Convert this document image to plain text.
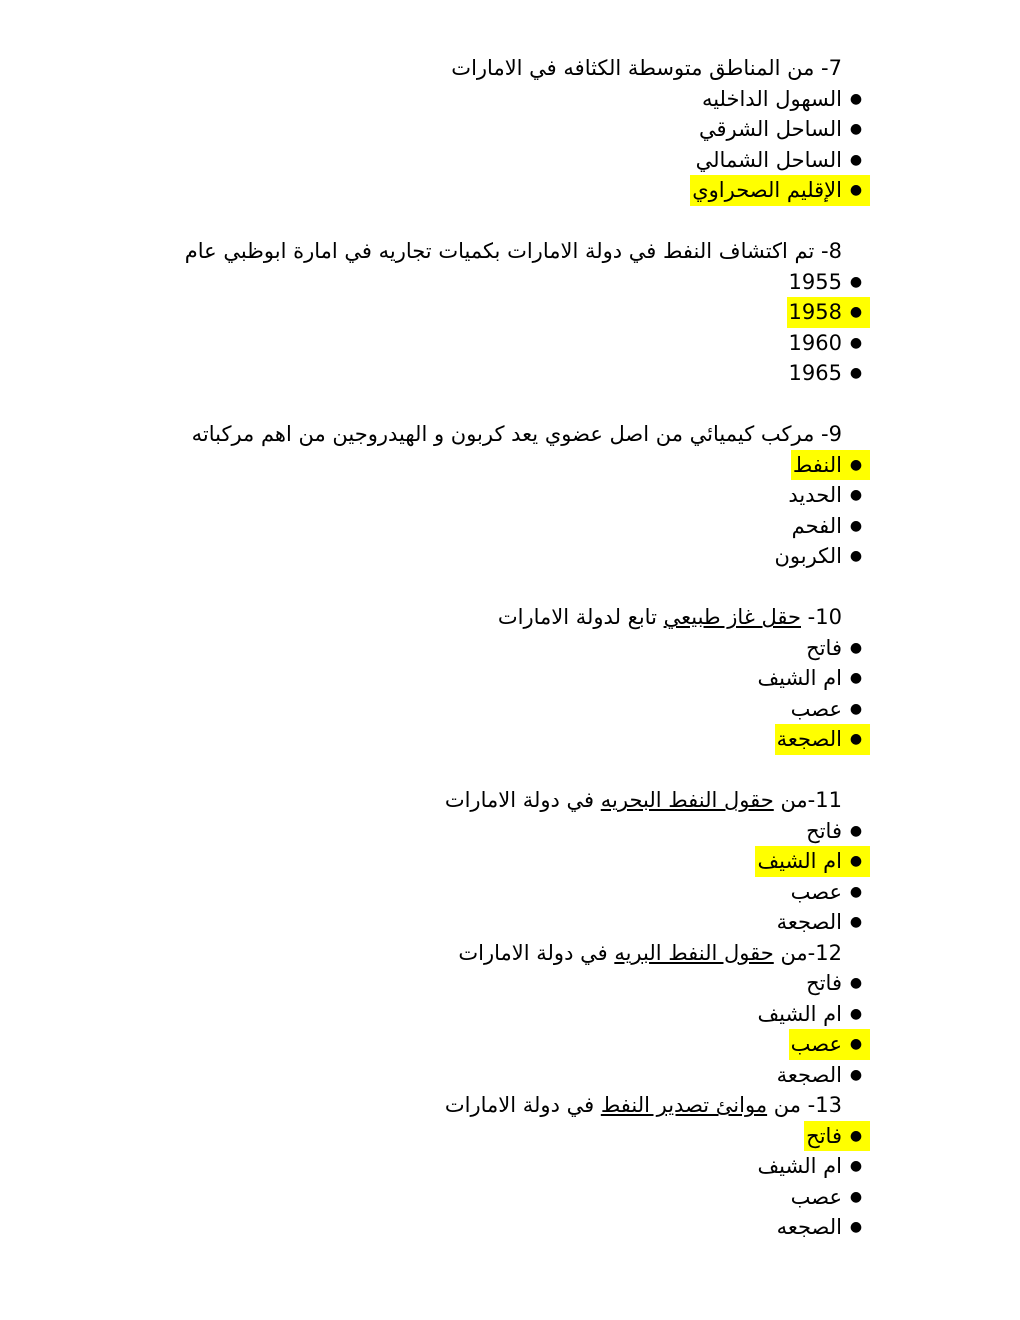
7- من المناطق متوسطة الكثافه في الامارات

●
السهول الداخليه
●
الساحل الشرقي
●
الساحل الشمالي
●
الإقليم الصحراوي

8- تم اكتشاف النفط في دولة الامارات بكميات تجاريه في امارة ابوظبي عام

●
1955
●
1958
●
1960
●
1965

9- مركب كيميائي من اصل عضوي يعد كربون و الهيدروجين من اهم مركباته

●
النفط
●
الحديد
●
الفحم
●
الكربون

10- حقل غاز طبيعي تابع لدولة الامارات

●
فاتح
●
ام الشيف
●
عصب
●
الصجعة

11-من حقول النفط البحريه في دولة الامارات

●
فاتح
●
ام الشيف
●
عصب
●
الصجعة

12-من حقول النفط البريه في دولة الامارات

●
فاتح
●
ام الشيف
●
عصب
●
الصجعة

13- من موانئ تصدير النفط في دولة الامارات

●
فاتح
●
ام الشيف
●
عصب
●
الصجعه
